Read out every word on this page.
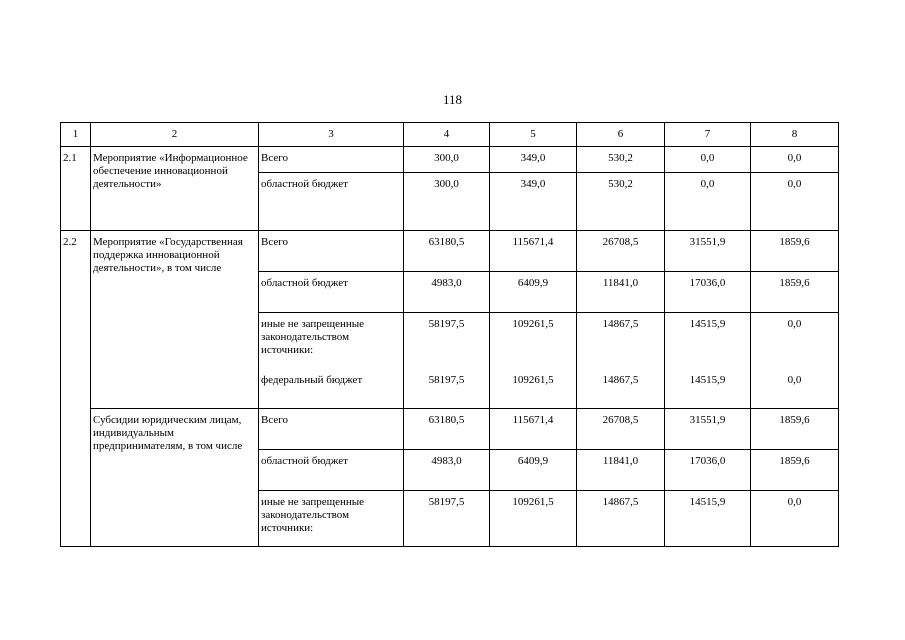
118
1	2	3	4	5	6	7	8
2.1	Мероприятие «Информационное обеспечение инновационной деятельности»	Всего	300,0	349,0	530,2	0,0	0,0
		областной бюджет	300,0	349,0	530,2	0,0	0,0
2.2	Мероприятие «Государственная поддержка инновационной деятельности», в том числе	Всего	63180,5	115671,4	26708,5	31551,9	1859,6
		областной бюджет	4983,0	6409,9	11841,0	17036,0	1859,6
		иные не запрещенные законодательством источники:	58197,5	109261,5	14867,5	14515,9	0,0
		федеральный бюджет	58197,5	109261,5	14867,5	14515,9	0,0
	Субсидии юридическим лицам, индивидуальным предпринимателям, в том числе	Всего	63180,5	115671,4	26708,5	31551,9	1859,6
		областной бюджет	4983,0	6409,9	11841,0	17036,0	1859,6
		иные не запрещенные законодательством источники:	58197,5	109261,5	14867,5	14515,9	0,0
